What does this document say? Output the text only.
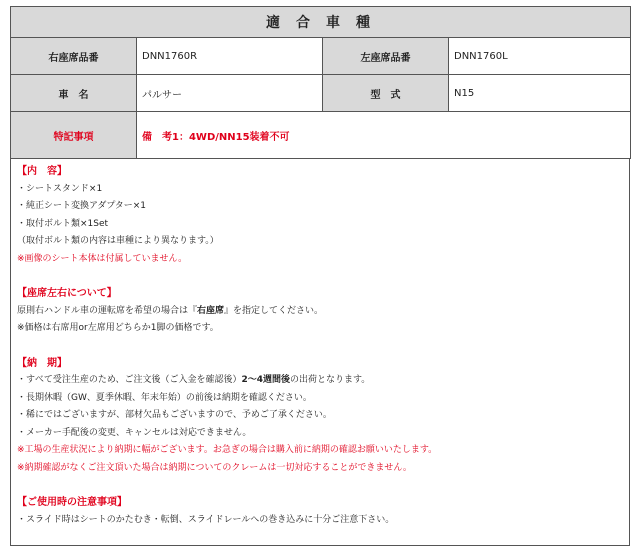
適合車種			
右座席品番	DNN1760R	左座席品番	DNN1760L
車　名	パルサー	型　式	N15
特記事項	備　考1：4WD/NN15装着不可		
【内　容】
・シートスタンド×1
・純正シート変換アダプター×1
・取付ボルト類×1Set
（取付ボルト類の内容は車種により異なります。）
※画像のシート本体は付属していません。
【座席左右について】
原則右ハンドル車の運転席を希望の場合は『右座席』を指定してください。
※価格は右席用or左席用どちらか1脚の価格です。
【納　期】
・すべて受注生産のため、ご注文後（ご入金を確認後）2〜4週間後の出荷となります。
・長期休暇（GW、夏季休暇、年末年始）の前後は納期を確認ください。
・稀にではございますが、部材欠品もございますので、予めご了承ください。
・メーカー手配後の変更、キャンセルは対応できません。
※工場の生産状況により納期に幅がございます。お急ぎの場合は購入前に納期の確認お願いいたします。
※納期確認がなくご注文頂いた場合は納期についてのクレームは一切対応することができません。
【ご使用時の注意事項】
・スライド時はシートのかたむき・転倒、スライドレールへの巻き込みに十分ご注意下さい。
